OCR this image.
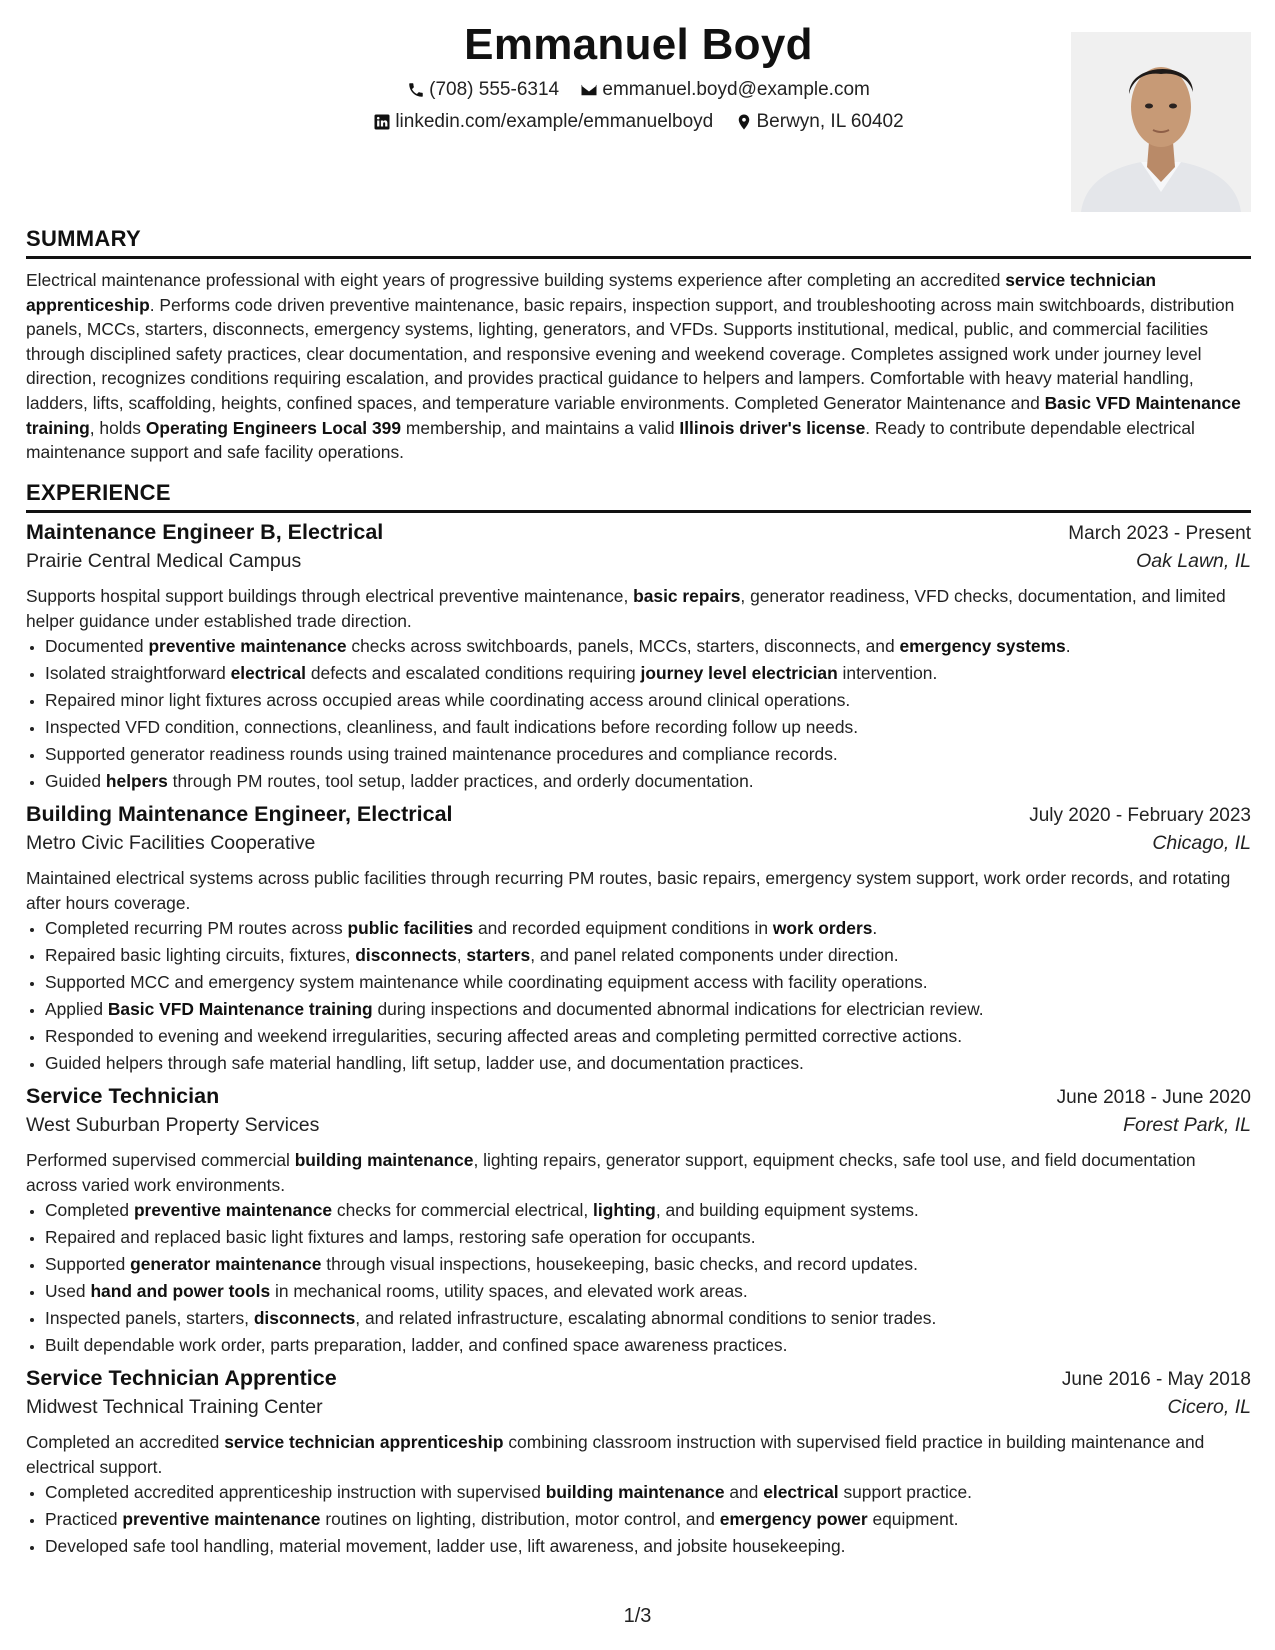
Emmanuel Boyd
(708) 555-6314
emmanuel.boyd@example.com
linkedin.com/example/emmanuelboyd
Berwyn, IL 60402
SUMMARY

Electrical maintenance professional with eight years of progressive building systems experience after completing an accredited service technician apprenticeship. Performs code driven preventive maintenance, basic repairs, inspection support, and troubleshooting across main switchboards, distribution panels, MCCs, starters, disconnects, emergency systems, lighting, generators, and VFDs. Supports institutional, medical, public, and commercial facilities through disciplined safety practices, clear documentation, and responsive evening and weekend coverage. Completes assigned work under journey level direction, recognizes conditions requiring escalation, and provides practical guidance to helpers and lampers. Comfortable with heavy material handling, ladders, lifts, scaffolding, heights, confined spaces, and temperature variable environments. Completed Generator Maintenance and Basic VFD Maintenance training, holds Operating Engineers Local 399 membership, and maintains a valid Illinois driver's license. Ready to contribute dependable electrical maintenance support and safe facility operations.

EXPERIENCE
Maintenance Engineer B, Electrical	March 2023 - Present
Prairie Central Medical Campus	Oak Lawn, IL

Supports hospital support buildings through electrical preventive maintenance, basic repairs, generator readiness, VFD checks, documentation, and limited helper guidance under established trade direction.

• Documented preventive maintenance checks across switchboards, panels, MCCs, starters, disconnects, and emergency systems.
• Isolated straightforward electrical defects and escalated conditions requiring journey level electrician intervention.
• Repaired minor light fixtures across occupied areas while coordinating access around clinical operations.
• Inspected VFD condition, connections, cleanliness, and fault indications before recording follow up needs.
• Supported generator readiness rounds using trained maintenance procedures and compliance records.
• Guided helpers through PM routes, tool setup, ladder practices, and orderly documentation.
Building Maintenance Engineer, Electrical	July 2020 - February 2023
Metro Civic Facilities Cooperative	Chicago, IL

Maintained electrical systems across public facilities through recurring PM routes, basic repairs, emergency system support, work order records, and rotating after hours coverage.

• Completed recurring PM routes across public facilities and recorded equipment conditions in work orders.
• Repaired basic lighting circuits, fixtures, disconnects, starters, and panel related components under direction.
• Supported MCC and emergency system maintenance while coordinating equipment access with facility operations.
• Applied Basic VFD Maintenance training during inspections and documented abnormal indications for electrician review.
• Responded to evening and weekend irregularities, securing affected areas and completing permitted corrective actions.
• Guided helpers through safe material handling, lift setup, ladder use, and documentation practices.
Service Technician	June 2018 - June 2020
West Suburban Property Services	Forest Park, IL

Performed supervised commercial building maintenance, lighting repairs, generator support, equipment checks, safe tool use, and field documentation across varied work environments.

• Completed preventive maintenance checks for commercial electrical, lighting, and building equipment systems.
• Repaired and replaced basic light fixtures and lamps, restoring safe operation for occupants.
• Supported generator maintenance through visual inspections, housekeeping, basic checks, and record updates.
• Used hand and power tools in mechanical rooms, utility spaces, and elevated work areas.
• Inspected panels, starters, disconnects, and related infrastructure, escalating abnormal conditions to senior trades.
• Built dependable work order, parts preparation, ladder, and confined space awareness practices.
Service Technician Apprentice	June 2016 - May 2018
Midwest Technical Training Center	Cicero, IL

Completed an accredited service technician apprenticeship combining classroom instruction with supervised field practice in building maintenance and electrical support.

• Completed accredited apprenticeship instruction with supervised building maintenance and electrical support practice.
• Practiced preventive maintenance routines on lighting, distribution, motor control, and emergency power equipment.
• Developed safe tool handling, material movement, ladder use, lift awareness, and jobsite housekeeping.
1/3
